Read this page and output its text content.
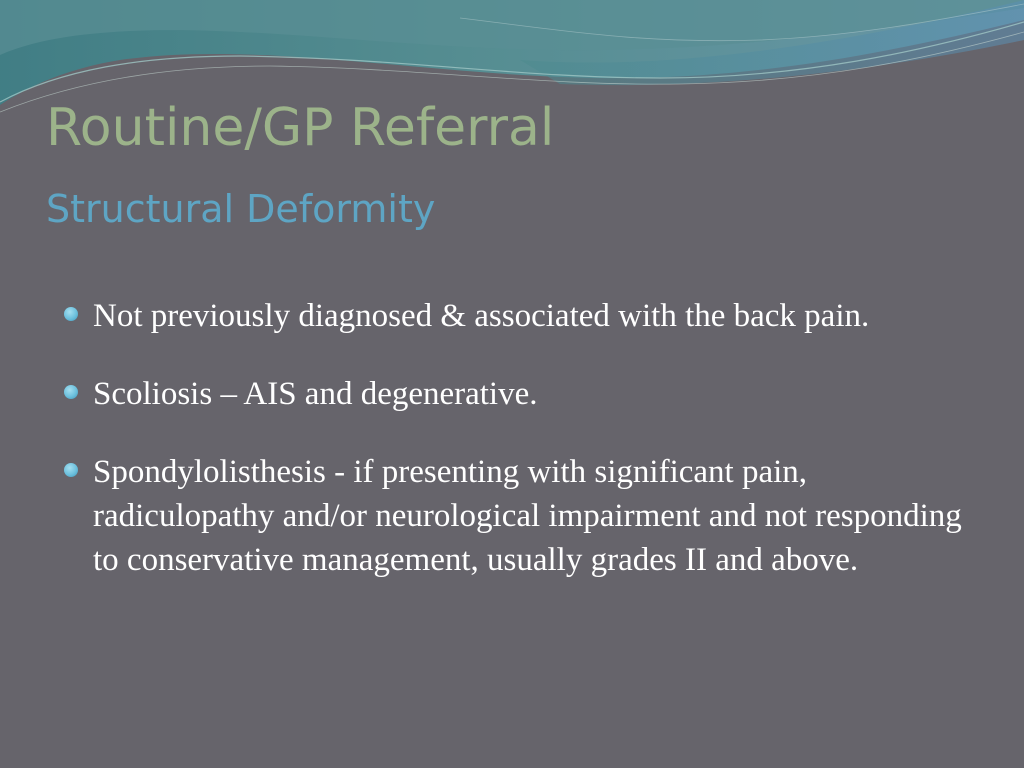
Routine/GP Referral
Structural Deformity
Not previously diagnosed & associated with the back pain.
Scoliosis – AIS and degenerative.
Spondylolisthesis - if presenting with significant pain, radiculopathy and/or neurological impairment and not responding to conservative management, usually grades II and above.
